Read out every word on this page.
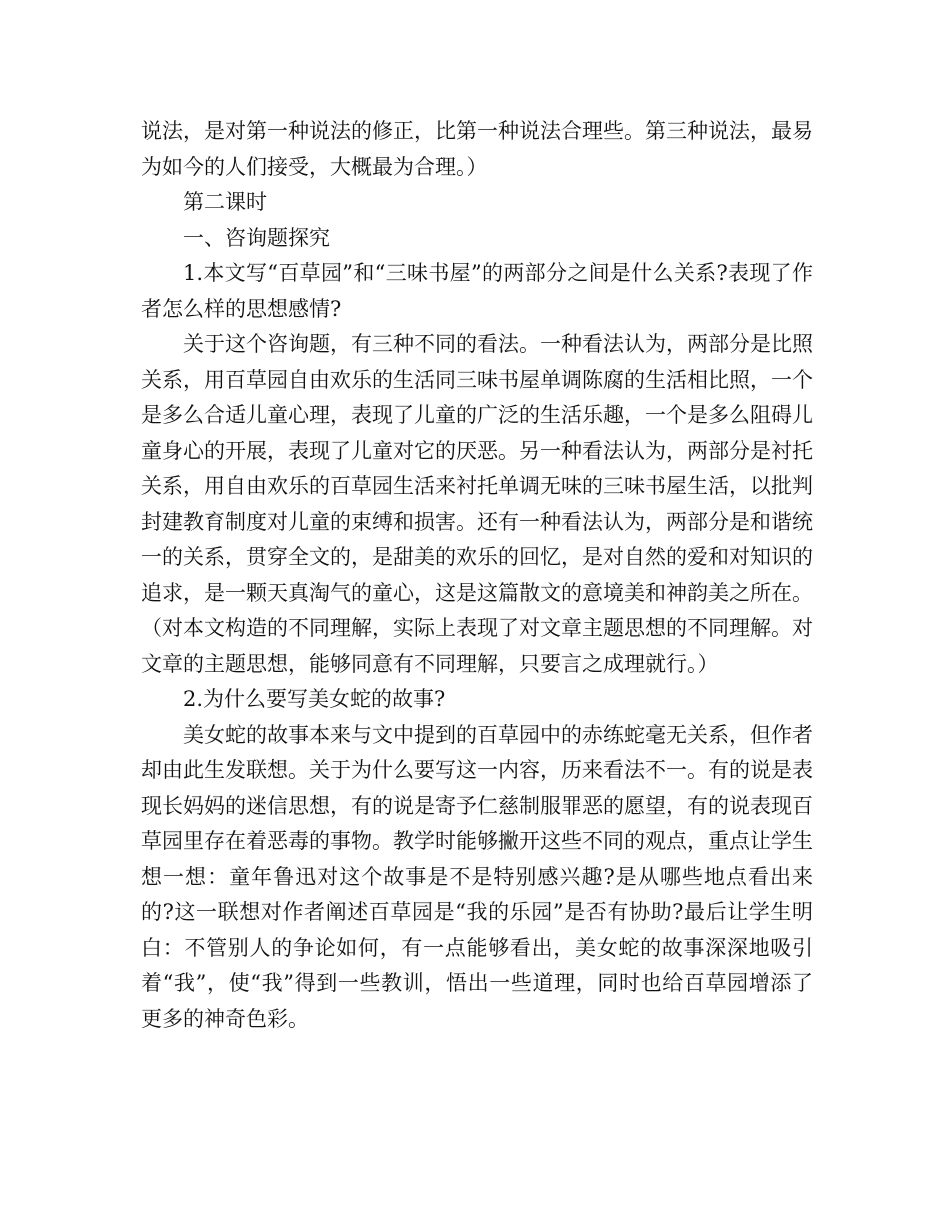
说法，是对第一种说法的修正，比第一种说法合理些。第三种说法，最易为如今的人们接受，大概最为合理。）

第二课时

一、咨询题探究

1.本文写“百草园”和“三味书屋”的两部分之间是什么关系?表现了作者怎么样的思想感情?

关于这个咨询题，有三种不同的看法。一种看法认为，两部分是比照关系，用百草园自由欢乐的生活同三味书屋单调陈腐的生活相比照，一个是多么合适儿童心理，表现了儿童的广泛的生活乐趣，一个是多么阻碍儿童身心的开展，表现了儿童对它的厌恶。另一种看法认为，两部分是衬托关系，用自由欢乐的百草园生活来衬托单调无味的三味书屋生活，以批判封建教育制度对儿童的束缚和损害。还有一种看法认为，两部分是和谐统一的关系，贯穿全文的，是甜美的欢乐的回忆，是对自然的爱和对知识的追求，是一颗天真淘气的童心，这是这篇散文的意境美和神韵美之所在。（对本文构造的不同理解，实际上表现了对文章主题思想的不同理解。对文章的主题思想，能够同意有不同理解，只要言之成理就行。）

2.为什么要写美女蛇的故事?

美女蛇的故事本来与文中提到的百草园中的赤练蛇毫无关系，但作者却由此生发联想。关于为什么要写这一内容，历来看法不一。有的说是表现长妈妈的迷信思想，有的说是寄予仁慈制服罪恶的愿望，有的说表现百草园里存在着恶毒的事物。教学时能够撇开这些不同的观点，重点让学生想一想：童年鲁迅对这个故事是不是特别感兴趣?是从哪些地点看出来的?这一联想对作者阐述百草园是“我的乐园”是否有协助?最后让学生明白：不管别人的争论如何，有一点能够看出，美女蛇的故事深深地吸引着“我”，使“我”得到一些教训，悟出一些道理，同时也给百草园增添了更多的神奇色彩。
